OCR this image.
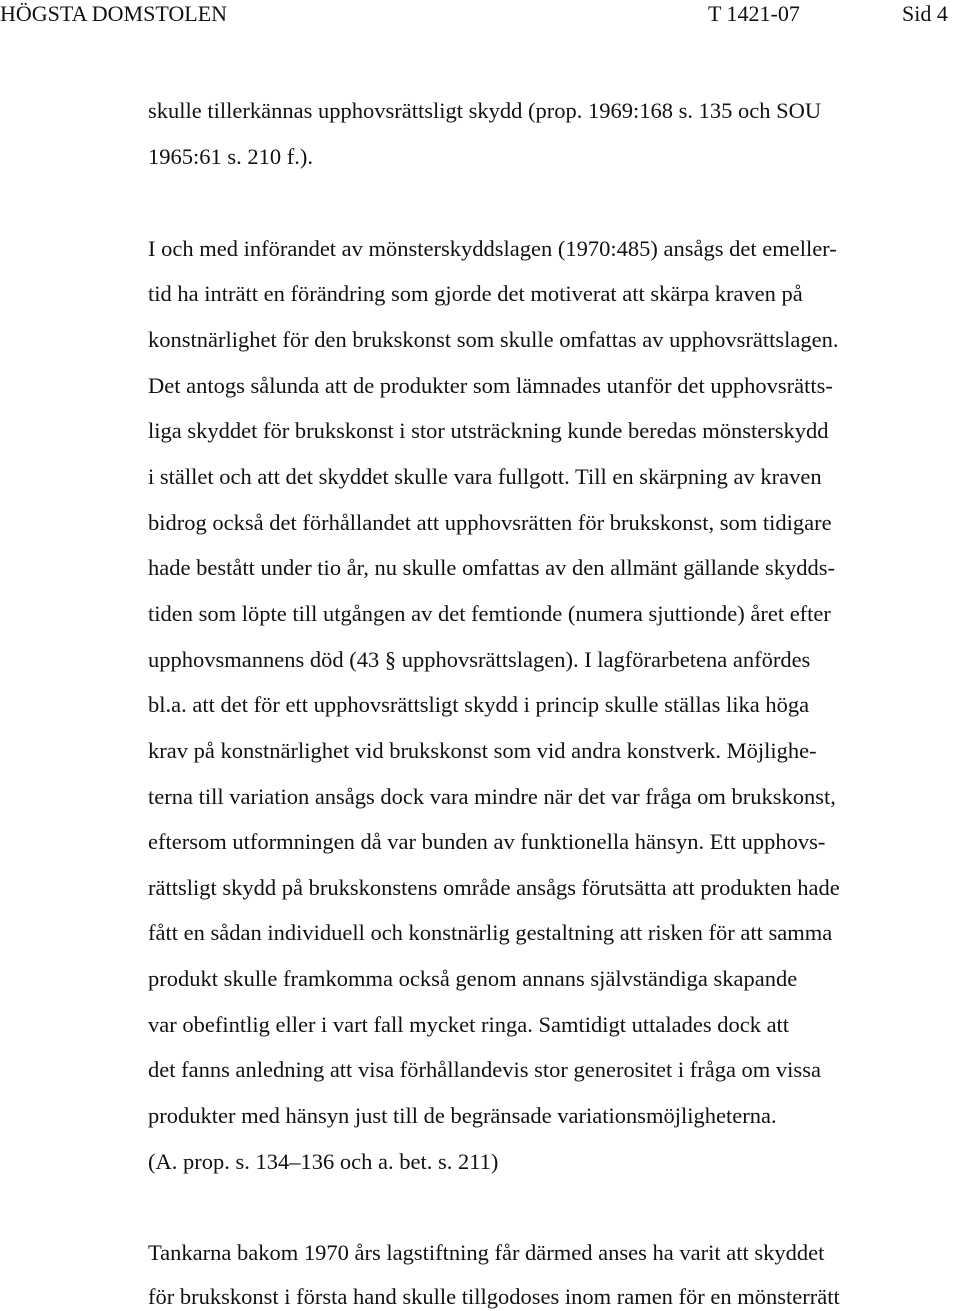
HÖGSTA DOMSTOLEN	T 1421-07	Sid 4
skulle tillerkännas upphovsrättsligt skydd (prop. 1969:168 s. 135 och SOU
1965:61 s. 210 f.).
I och med införandet av mönsterskyddslagen (1970:485) ansågs det emeller-
tid ha inträtt en förändring som gjorde det motiverat att skärpa kraven på
konstnärlighet för den brukskonst som skulle omfattas av upphovsrättslagen.
Det antogs sålunda att de produkter som lämnades utanför det upphovsrätts-
liga skyddet för brukskonst i stor utsträckning kunde beredas mönsterskydd
i stället och att det skyddet skulle vara fullgott. Till en skärpning av kraven
bidrog också det förhållandet att upphovsrätten för brukskonst, som tidigare
hade bestått under tio år, nu skulle omfattas av den allmänt gällande skydds-
tiden som löpte till utgången av det femtionde (numera sjuttionde) året efter
upphovsmannens död (43 § upphovsrättslagen). I lagförarbetena anfördes
bl.a. att det för ett upphovsrättsligt skydd i princip skulle ställas lika höga
krav på konstnärlighet vid brukskonst som vid andra konstverk. Möjlighe-
terna till variation ansågs dock vara mindre när det var fråga om brukskonst,
eftersom utformningen då var bunden av funktionella hänsyn. Ett upphovs-
rättsligt skydd på brukskonstens område ansågs förutsätta att produkten hade
fått en sådan individuell och konstnärlig gestaltning att risken för att samma
produkt skulle framkomma också genom annans självständiga skapande
var obefintlig eller i vart fall mycket ringa. Samtidigt uttalades dock att
det fanns anledning att visa förhållandevis stor generositet i fråga om vissa
produkter med hänsyn just till de begränsade variationsmöjligheterna.
(A. prop. s. 134–136 och a. bet. s. 211)
Tankarna bakom 1970 års lagstiftning får därmed anses ha varit att skyddet
för brukskonst i första hand skulle tillgodoses inom ramen för en mönsterrätt
